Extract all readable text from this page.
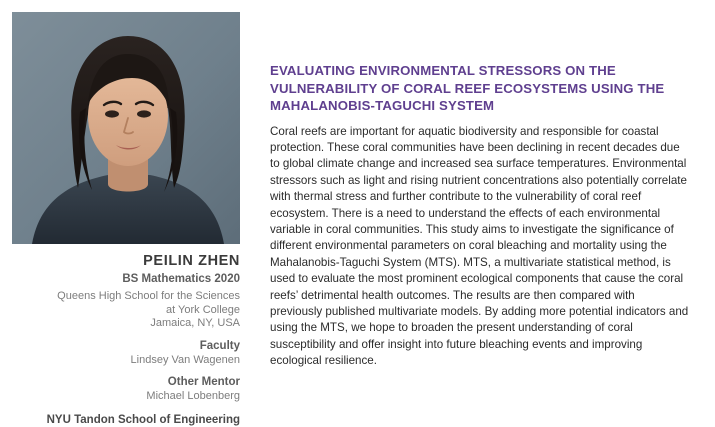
PEILIN ZHEN
BS Mathematics 2020
Queens High School for the Sciences
at York College
Jamaica, NY, USA
Faculty
Lindsey Van Wagenen
Other Mentor
Michael Lobenberg
NYU Tandon School of Engineering
EVALUATING ENVIRONMENTAL STRESSORS ON THE VULNERABILITY OF CORAL REEF ECOSYSTEMS USING THE MAHALANOBIS-TAGUCHI SYSTEM

Coral reefs are important for aquatic biodiversity and responsible for coastal protection. These coral communities have been declining in recent decades due to global climate change and increased sea surface temperatures. Environmental stressors such as light and rising nutrient concentrations also potentially correlate with thermal stress and further contribute to the vulnerability of coral reef ecosystem. There is a need to understand the effects of each environmental variable in coral communities. This study aims to investigate the significance of different environmental parameters on coral bleaching and mortality using the Mahalanobis-Taguchi System (MTS). MTS, a multivariate statistical method, is used to evaluate the most prominent ecological components that cause the coral reefs’ detrimental health outcomes. The results are then compared with previously published multivariate models. By adding more potential indicators and using the MTS, we hope to broaden the present understanding of coral susceptibility and offer insight into future bleaching events and improving ecological resilience.
